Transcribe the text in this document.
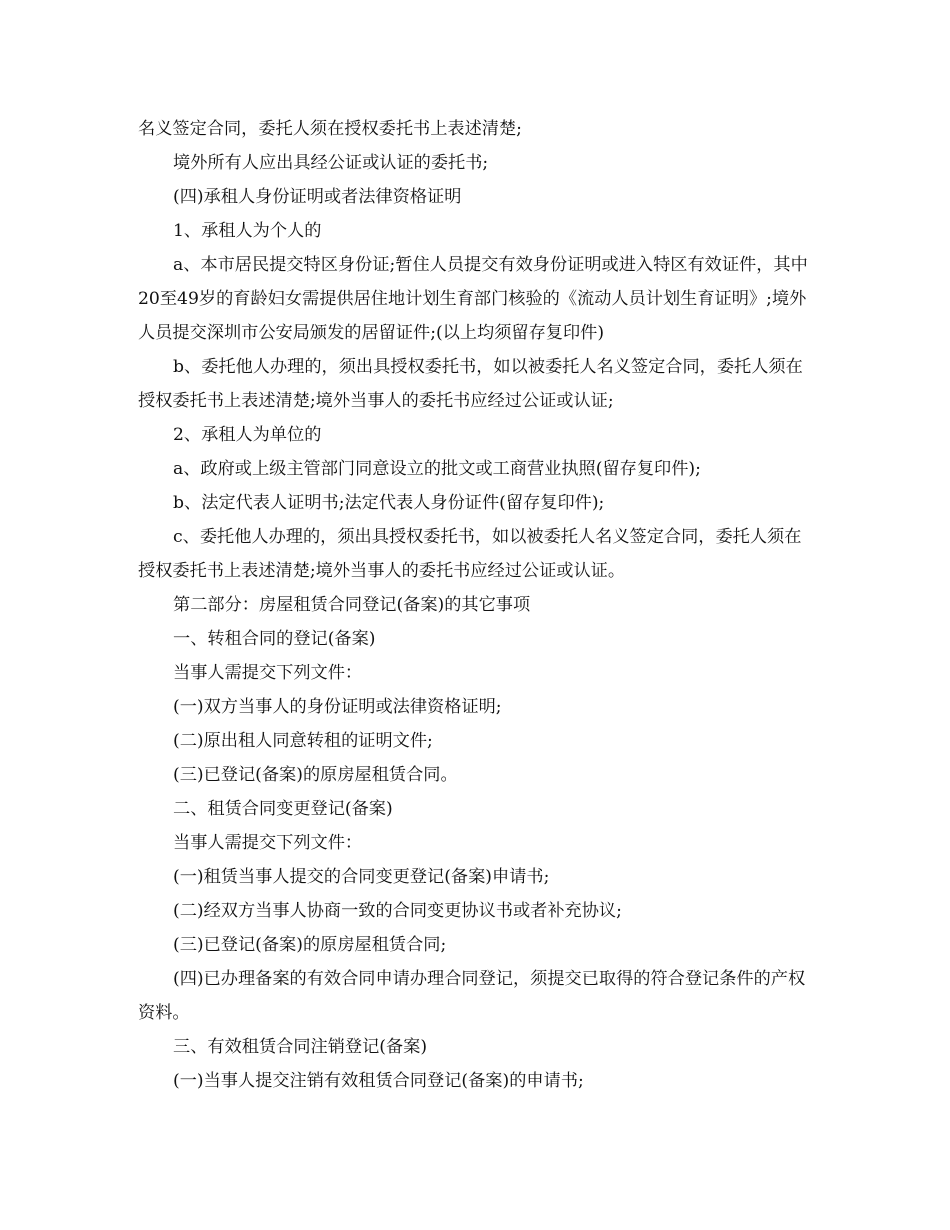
名义签定合同，委托人须在授权委托书上表述清楚;

境外所有人应出具经公证或认证的委托书;

(四)承租人身份证明或者法律资格证明

1、承租人为个人的

a、本市居民提交特区身份证;暂住人员提交有效身份证明或进入特区有效证件，其中20至49岁的育龄妇女需提供居住地计划生育部门核验的《流动人员计划生育证明》;境外人员提交深圳市公安局颁发的居留证件;(以上均须留存复印件)

b、委托他人办理的，须出具授权委托书，如以被委托人名义签定合同，委托人须在授权委托书上表述清楚;境外当事人的委托书应经过公证或认证;

2、承租人为单位的

a、政府或上级主管部门同意设立的批文或工商营业执照(留存复印件);

b、法定代表人证明书;法定代表人身份证件(留存复印件);

c、委托他人办理的，须出具授权委托书，如以被委托人名义签定合同，委托人须在授权委托书上表述清楚;境外当事人的委托书应经过公证或认证。

第二部分：房屋租赁合同登记(备案)的其它事项

一、转租合同的登记(备案)

当事人需提交下列文件：

(一)双方当事人的身份证明或法律资格证明;

(二)原出租人同意转租的证明文件;

(三)已登记(备案)的原房屋租赁合同。

二、租赁合同变更登记(备案)

当事人需提交下列文件：

(一)租赁当事人提交的合同变更登记(备案)申请书;

(二)经双方当事人协商一致的合同变更协议书或者补充协议;

(三)已登记(备案)的原房屋租赁合同;

(四)已办理备案的有效合同申请办理合同登记，须提交已取得的符合登记条件的产权资料。

三、有效租赁合同注销登记(备案)

(一)当事人提交注销有效租赁合同登记(备案)的申请书;
